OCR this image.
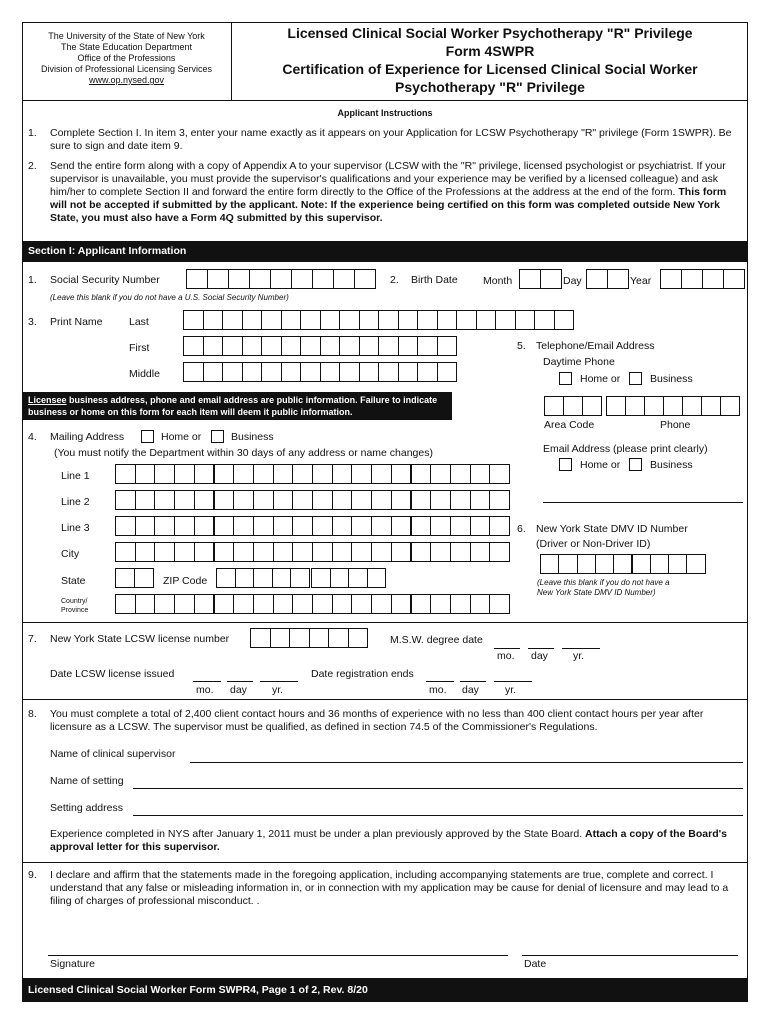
The University of the State of New York
The State Education Department
Office of the Professions
Division of Professional Licensing Services
www.op.nysed.gov
Licensed Clinical Social Worker Psychotherapy "R" Privilege
Form 4SWPR
Certification of Experience for Licensed Clinical Social Worker
Psychotherapy "R" Privilege
Applicant Instructions
1. Complete Section I. In item 3, enter your name exactly as it appears on your Application for LCSW Psychotherapy "R" privilege (Form 1SWPR). Be sure to sign and date item 9.
2. Send the entire form along with a copy of Appendix A to your supervisor (LCSW with the "R" privilege, licensed psychologist or psychiatrist. If your supervisor is unavailable, you must provide the supervisor's qualifications and your experience may be verified by a licensed colleague) and ask him/her to complete Section II and forward the entire form directly to the Office of the Professions at the address at the end of the form. This form will not be accepted if submitted by the applicant. Note: If the experience being certified on this form was completed outside New York State, you must also have a Form 4Q submitted by this supervisor.
Section I: Applicant Information
1. Social Security Number
(Leave this blank if you do not have a U.S. Social Security Number)
2. Birth Date Month	Day	Year
3. Print Name	Last
First
Middle
5. Telephone/Email Address
Daytime Phone
Home or	Business
Area Code	Phone
Email Address (please print clearly)
Home or	Business
Licensee business address, phone and email address are public information. Failure to indicate business or home on this form for each item will deem it public information.
4. Mailing Address	Home or	Business
(You must notify the Department within 30 days of any address or name changes)
Line 1
Line 2
Line 3
City
State	ZIP Code
Country/
Province
6. New York State DMV ID Number
(Driver or Non-Driver ID)
(Leave this blank if you do not have a
New York State DMV ID Number)
7. New York State LCSW license number	M.S.W. degree date
mo. day yr.
Date LCSW license issued
mo. day yr.
Date registration ends
mo. day yr.
8. You must complete a total of 2,400 client contact hours and 36 months of experience with no less than 400 client contact hours per year after licensure as a LCSW. The supervisor must be qualified, as defined in section 74.5 of the Commissioner's Regulations.
Name of clinical supervisor
Name of setting
Setting address
Experience completed in NYS after January 1, 2011 must be under a plan previously approved by the State Board. Attach a copy of the Board's approval letter for this supervisor.
9. I declare and affirm that the statements made in the foregoing application, including accompanying statements are true, complete and correct. I understand that any false or misleading information in, or in connection with my application may be cause for denial of licensure and may lead to a filing of charges of professional misconduct. .
Signature	Date
Licensed Clinical Social Worker Form SWPR4, Page 1 of 2, Rev. 8/20
